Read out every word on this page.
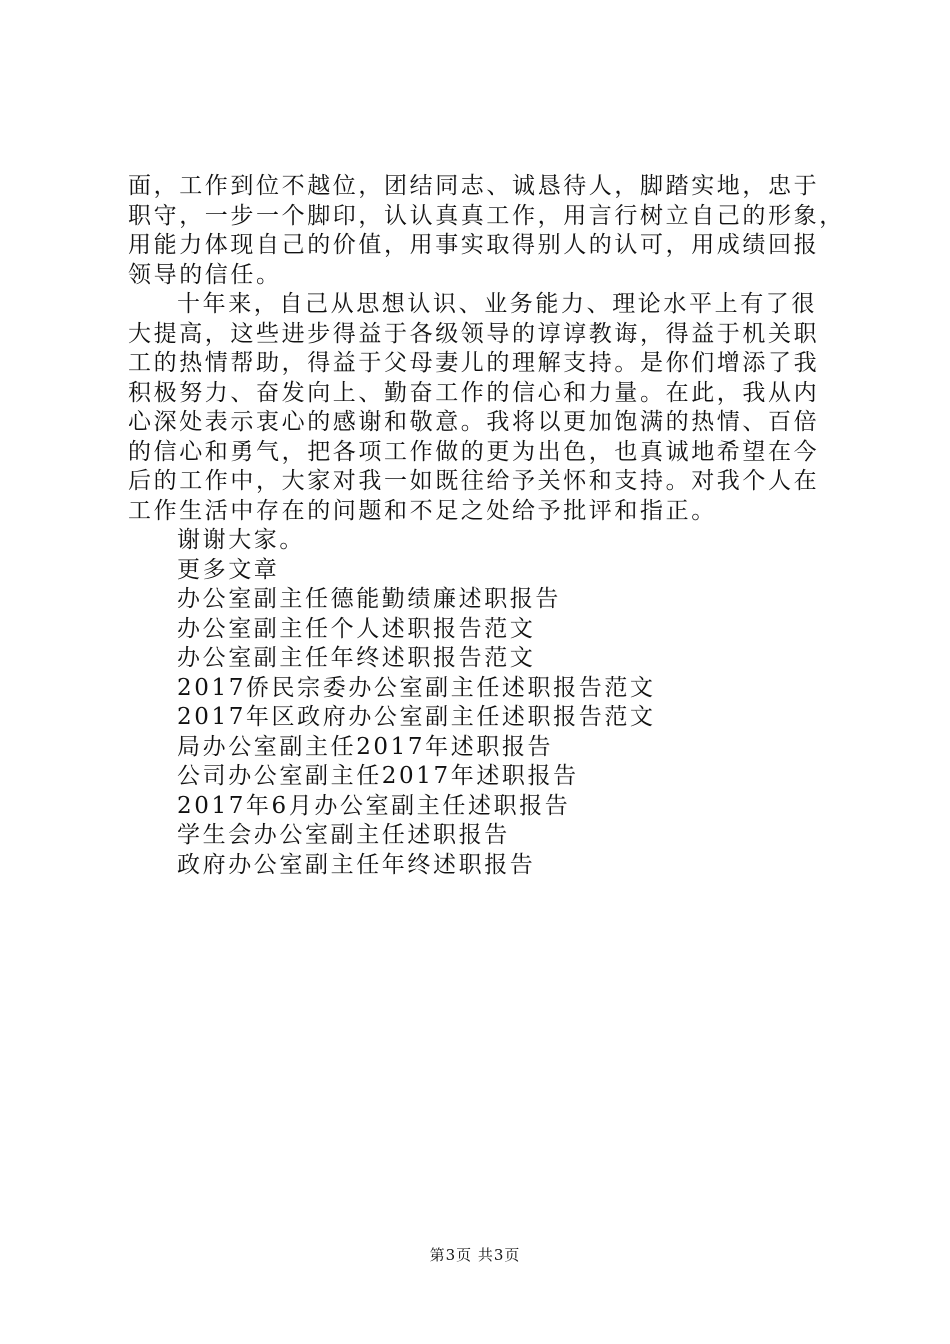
面，工作到位不越位，团结同志、诚恳待人，脚踏实地，忠于
职守，一步一个脚印，认认真真工作，用言行树立自己的形象，
用能力体现自己的价值，用事实取得别人的认可，用成绩回报
领导的信任。
十年来，自己从思想认识、业务能力、理论水平上有了很
大提高，这些进步得益于各级领导的谆谆教诲，得益于机关职
工的热情帮助，得益于父母妻儿的理解支持。是你们增添了我
积极努力、奋发向上、勤奋工作的信心和力量。在此，我从内
心深处表示衷心的感谢和敬意。我将以更加饱满的热情、百倍
的信心和勇气，把各项工作做的更为出色，也真诚地希望在今
后的工作中，大家对我一如既往给予关怀和支持。对我个人在
工作生活中存在的问题和不足之处给予批评和指正。
谢谢大家。
更多文章
办公室副主任德能勤绩廉述职报告
办公室副主任个人述职报告范文
办公室副主任年终述职报告范文
2017侨民宗委办公室副主任述职报告范文
2017年区政府办公室副主任述职报告范文
局办公室副主任2017年述职报告
公司办公室副主任2017年述职报告
2017年6月办公室副主任述职报告
学生会办公室副主任述职报告
政府办公室副主任年终述职报告
第3页 共3页
